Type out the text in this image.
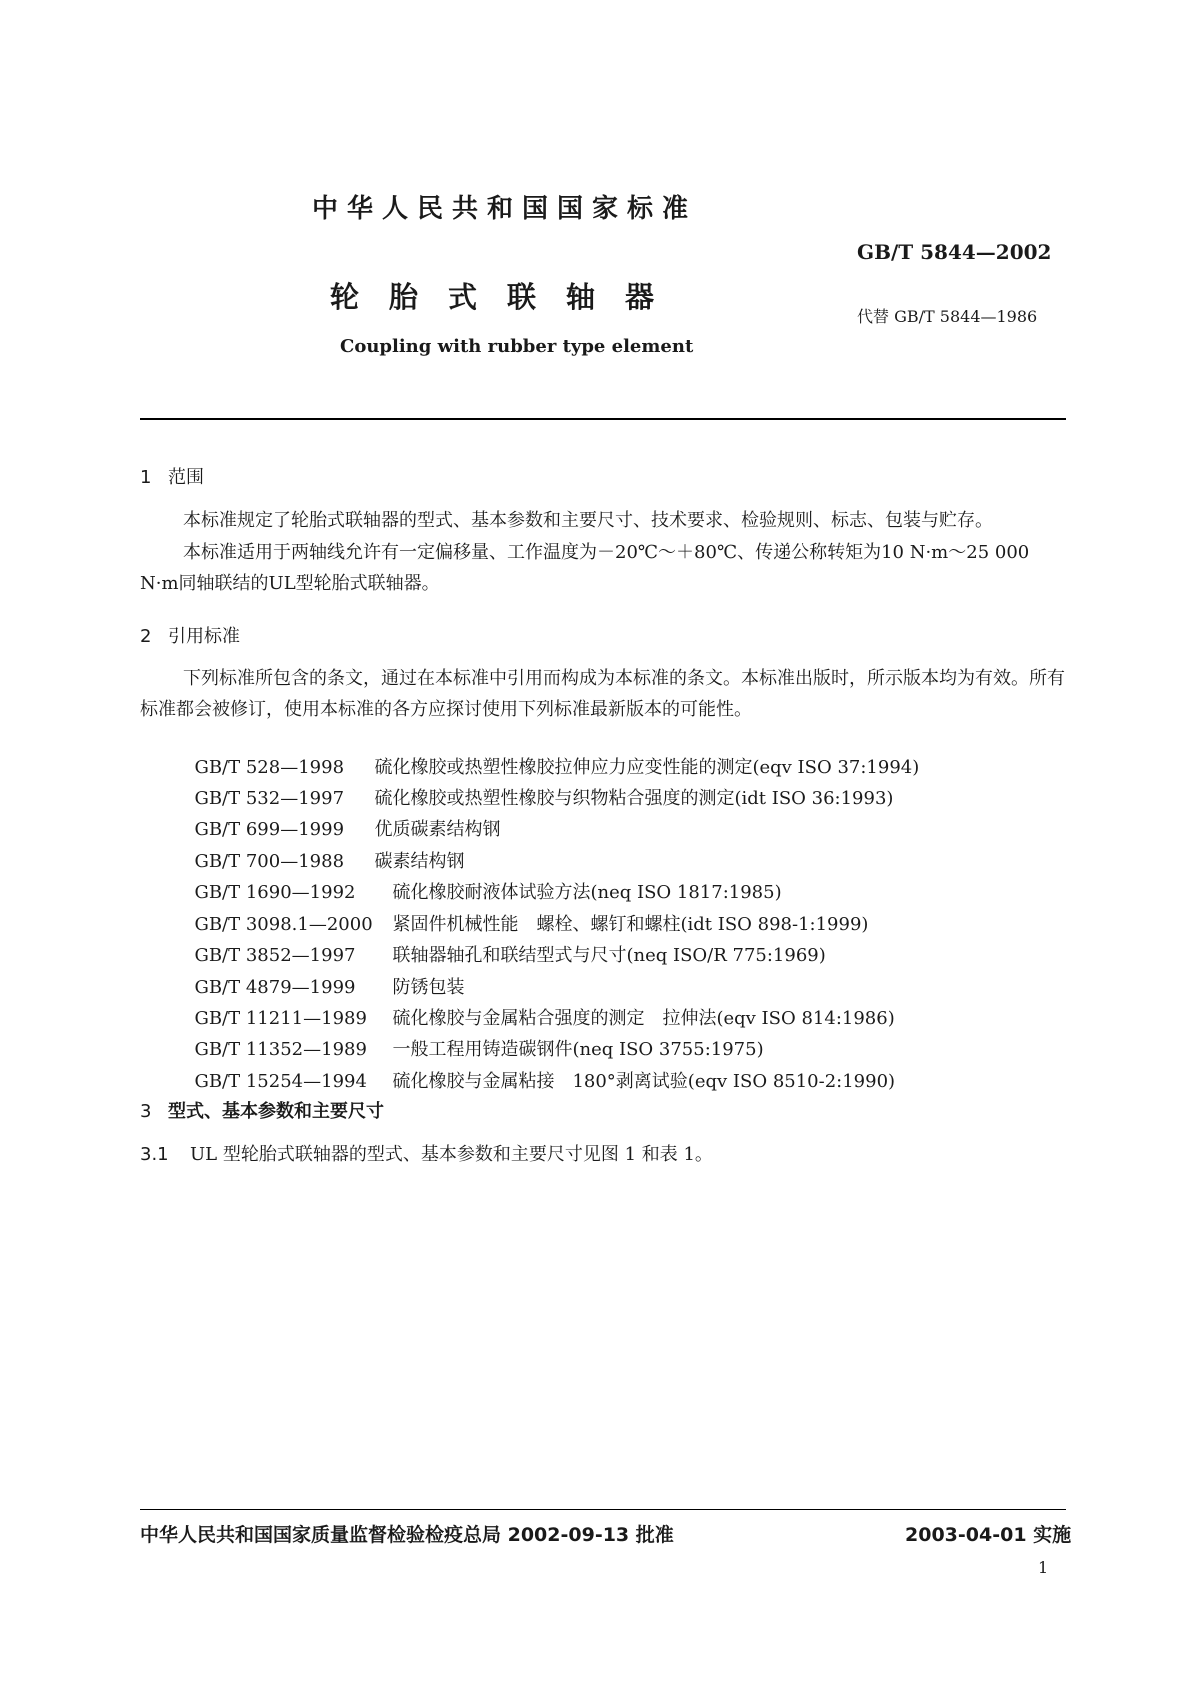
中华人民共和国国家标准
GB/T 5844—2002
轮胎式联轴器
代替 GB/T 5844—1986
Coupling with rubber type element
1 范围
本标准规定了轮胎式联轴器的型式、基本参数和主要尺寸、技术要求、检验规则、标志、包装与贮存。
本标准适用于两轴线允许有一定偏移量、工作温度为－20℃～＋80℃、传递公称转矩为10 N·m～25 000 N·m同轴联结的UL型轮胎式联轴器。
2 引用标准
下列标准所包含的条文，通过在本标准中引用而构成为本标准的条文。本标准出版时，所示版本均为有效。所有标准都会被修订，使用本标准的各方应探讨使用下列标准最新版本的可能性。

GB/T 528—1998 硫化橡胶或热塑性橡胶拉伸应力应变性能的测定(eqv ISO 37:1994)

GB/T 532—1997 硫化橡胶或热塑性橡胶与织物粘合强度的测定(idt ISO 36:1993)

GB/T 699—1999 优质碳素结构钢

GB/T 700—1988 碳素结构钢

GB/T 1690—1992 硫化橡胶耐液体试验方法(neq ISO 1817:1985)

GB/T 3098.1—2000 紧固件机械性能　螺栓、螺钉和螺柱(idt ISO 898-1:1999)

GB/T 3852—1997 联轴器轴孔和联结型式与尺寸(neq ISO/R 775:1969)

GB/T 4879—1999 防锈包装

GB/T 11211—1989 硫化橡胶与金属粘合强度的测定　拉伸法(eqv ISO 814:1986)

GB/T 11352—1989 一般工程用铸造碳钢件(neq ISO 3755:1975)

GB/T 15254—1994 硫化橡胶与金属粘接　180°剥离试验(eqv ISO 8510-2:1990)

3 型式、基本参数和主要尺寸
3.1 UL 型轮胎式联轴器的型式、基本参数和主要尺寸见图 1 和表 1。
中华人民共和国国家质量监督检验检疫总局 2002-09-13 批准	2003-04-01 实施
1
